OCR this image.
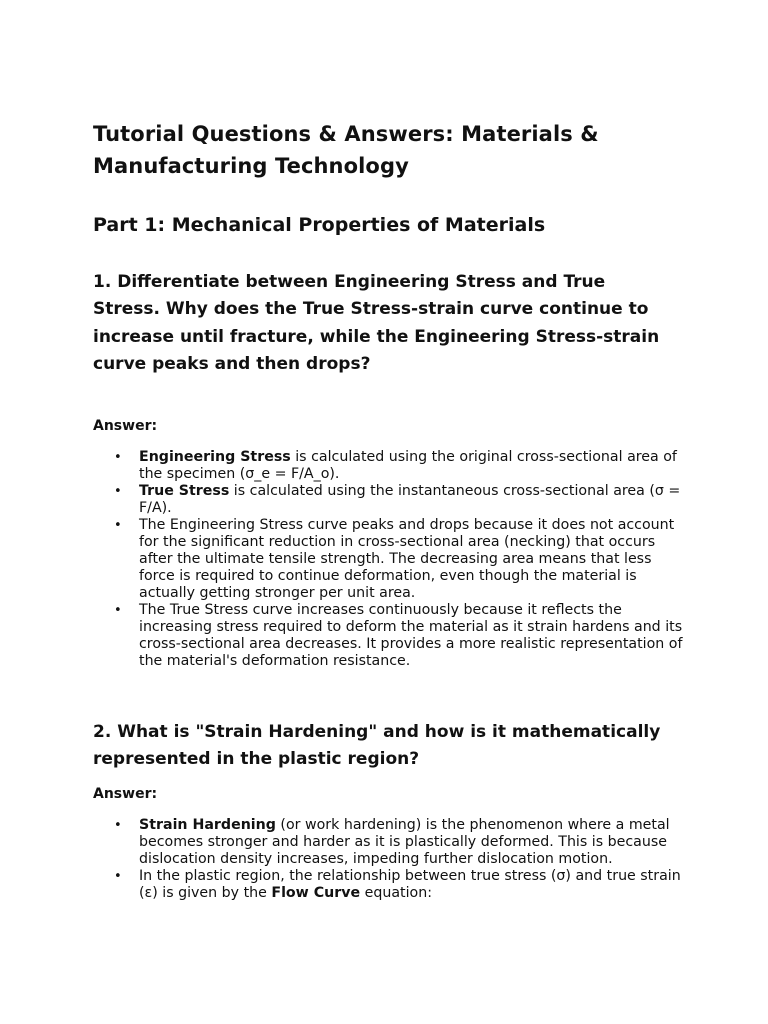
Tutorial Questions & Answers: Materials & Manufacturing Technology
Part 1: Mechanical Properties of Materials
1. Differentiate between Engineering Stress and True Stress. Why does the True Stress-strain curve continue to increase until fracture, while the Engineering Stress-strain curve peaks and then drops?

Answer:

• Engineering Stress is calculated using the original cross-sectional area of the specimen (σ_e = F/A_o).
• True Stress is calculated using the instantaneous cross-sectional area (σ = F/A).
• The Engineering Stress curve peaks and drops because it does not account for the significant reduction in cross-sectional area (necking) that occurs after the ultimate tensile strength. The decreasing area means that less force is required to continue deformation, even though the material is actually getting stronger per unit area.
• The True Stress curve increases continuously because it reflects the increasing stress required to deform the material as it strain hardens and its cross-sectional area decreases. It provides a more realistic representation of the material's deformation resistance.
2. What is "Strain Hardening" and how is it mathematically represented in the plastic region?

Answer:

• Strain Hardening (or work hardening) is the phenomenon where a metal becomes stronger and harder as it is plastically deformed. This is because dislocation density increases, impeding further dislocation motion.
• In the plastic region, the relationship between true stress (σ) and true strain (ε) is given by the Flow Curve equation:
